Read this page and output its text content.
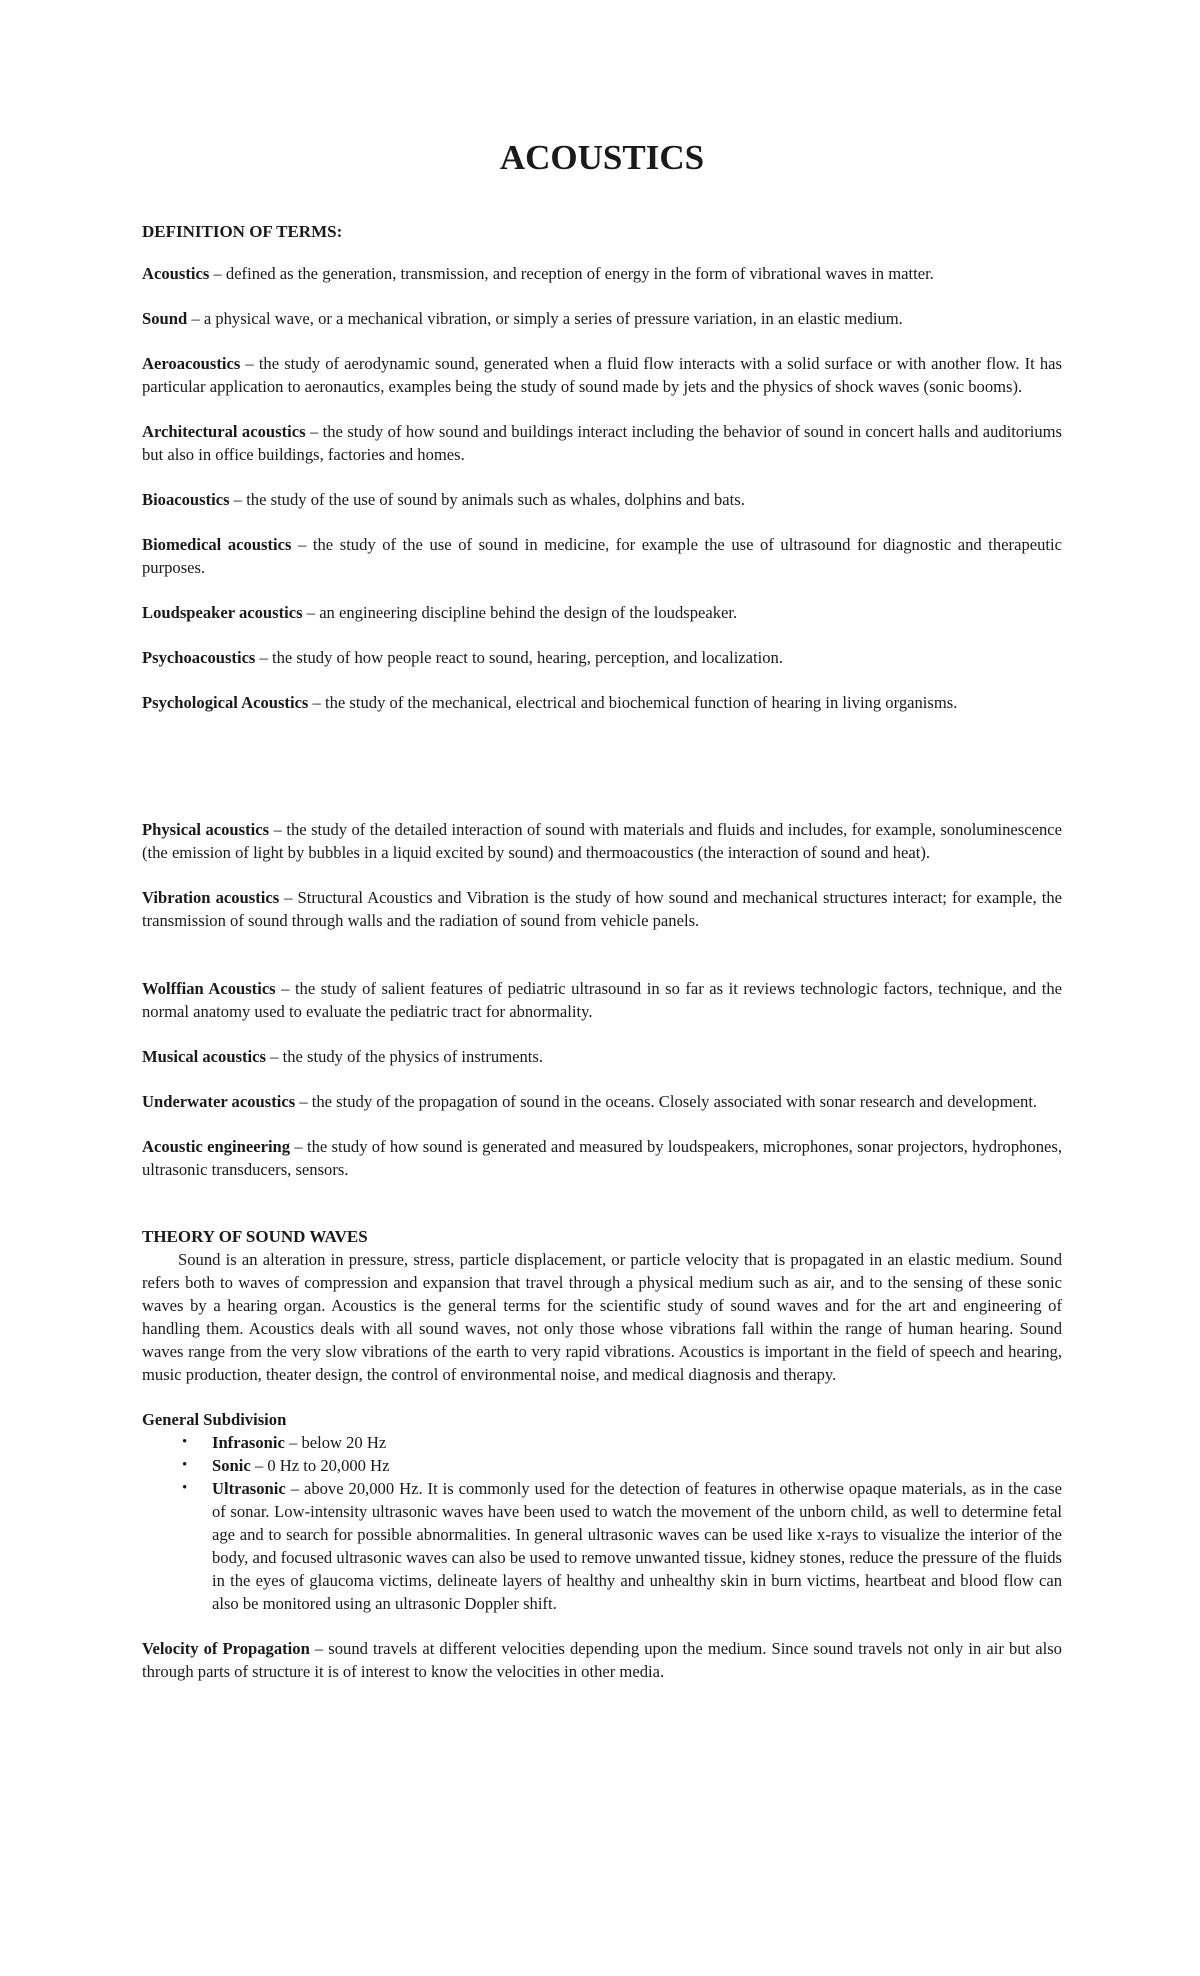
ACOUSTICS
DEFINITION OF TERMS:

Acoustics – defined as the generation, transmission, and reception of energy in the form of vibrational waves in matter.

Sound – a physical wave, or a mechanical vibration, or simply a series of pressure variation, in an elastic medium.

Aeroacoustics – the study of aerodynamic sound, generated when a fluid flow interacts with a solid surface or with another flow. It has particular application to aeronautics, examples being the study of sound made by jets and the physics of shock waves (sonic booms).

Architectural acoustics – the study of how sound and buildings interact including the behavior of sound in concert halls and auditoriums but also in office buildings, factories and homes.

Bioacoustics – the study of the use of sound by animals such as whales, dolphins and bats.

Biomedical acoustics – the study of the use of sound in medicine, for example the use of ultrasound for diagnostic and therapeutic purposes.

Loudspeaker acoustics – an engineering discipline behind the design of the loudspeaker.

Psychoacoustics – the study of how people react to sound, hearing, perception, and localization.

Psychological Acoustics – the study of the mechanical, electrical and biochemical function of hearing in living organisms.

Physical acoustics – the study of the detailed interaction of sound with materials and fluids and includes, for example, sonoluminescence (the emission of light by bubbles in a liquid excited by sound) and thermoacoustics (the interaction of sound and heat).

Vibration acoustics – Structural Acoustics and Vibration is the study of how sound and mechanical structures interact; for example, the transmission of sound through walls and the radiation of sound from vehicle panels.

Wolffian Acoustics – the study of salient features of pediatric ultrasound in so far as it reviews technologic factors, technique, and the normal anatomy used to evaluate the pediatric tract for abnormality.

Musical acoustics – the study of the physics of instruments.

Underwater acoustics – the study of the propagation of sound in the oceans. Closely associated with sonar research and development.

Acoustic engineering – the study of how sound is generated and measured by loudspeakers, microphones, sonar projectors, hydrophones, ultrasonic transducers, sensors.

THEORY OF SOUND WAVES

Sound is an alteration in pressure, stress, particle displacement, or particle velocity that is propagated in an elastic medium. Sound refers both to waves of compression and expansion that travel through a physical medium such as air, and to the sensing of these sonic waves by a hearing organ. Acoustics is the general terms for the scientific study of sound waves and for the art and engineering of handling them. Acoustics deals with all sound waves, not only those whose vibrations fall within the range of human hearing. Sound waves range from the very slow vibrations of the earth to very rapid vibrations. Acoustics is important in the field of speech and hearing, music production, theater design, the control of environmental noise, and medical diagnosis and therapy.

General Subdivision
• Infrasonic – below 20 Hz
• Sonic – 0 Hz to 20,000 Hz
• Ultrasonic – above 20,000 Hz. It is commonly used for the detection of features in otherwise opaque materials, as in the case of sonar. Low-intensity ultrasonic waves have been used to watch the movement of the unborn child, as well to determine fetal age and to search for possible abnormalities. In general ultrasonic waves can be used like x-rays to visualize the interior of the body, and focused ultrasonic waves can also be used to remove unwanted tissue, kidney stones, reduce the pressure of the fluids in the eyes of glaucoma victims, delineate layers of healthy and unhealthy skin in burn victims, heartbeat and blood flow can also be monitored using an ultrasonic Doppler shift.

Velocity of Propagation – sound travels at different velocities depending upon the medium. Since sound travels not only in air but also through parts of structure it is of interest to know the velocities in other media.
